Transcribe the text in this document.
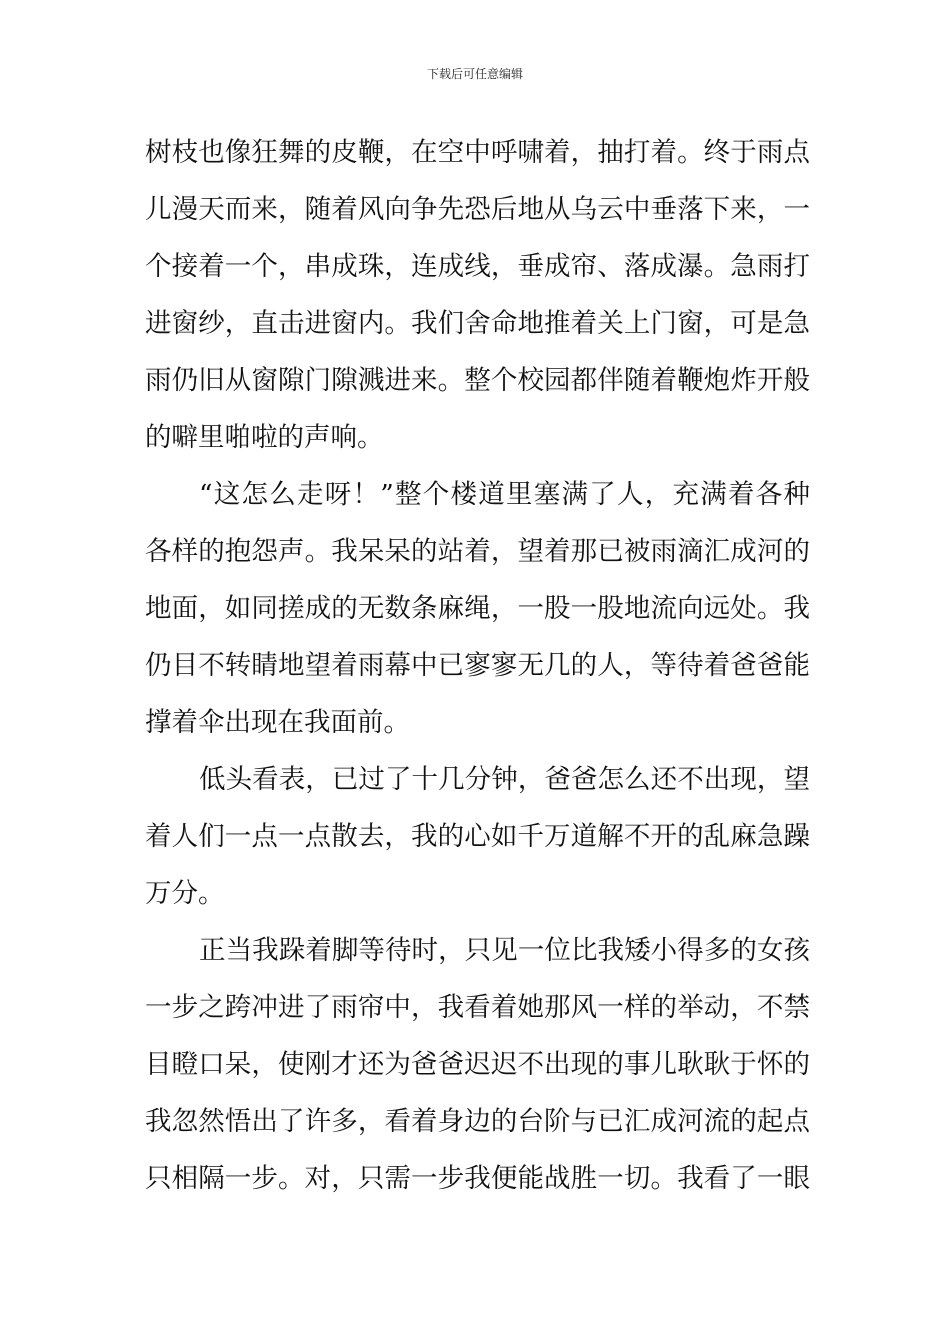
下载后可任意编辑
树枝也像狂舞的皮鞭，在空中呼啸着，抽打着。终于雨点
儿漫天而来，随着风向争先恐后地从乌云中垂落下来，一
个接着一个，串成珠，连成线，垂成帘、落成瀑。急雨打
进窗纱，直击进窗内。我们舍命地推着关上门窗，可是急
雨仍旧从窗隙门隙溅进来。整个校园都伴随着鞭炮炸开般
的噼里啪啦的声响。
“这怎么走呀！”整个楼道里塞满了人，充满着各种
各样的抱怨声。我呆呆的站着，望着那已被雨滴汇成河的
地面，如同搓成的无数条麻绳，一股一股地流向远处。我
仍目不转睛地望着雨幕中已寥寥无几的人，等待着爸爸能
撑着伞出现在我面前。
低头看表，已过了十几分钟，爸爸怎么还不出现，望
着人们一点一点散去，我的心如千万道解不开的乱麻急躁
万分。
正当我跺着脚等待时，只见一位比我矮小得多的女孩
一步之跨冲进了雨帘中，我看着她那风一样的举动，不禁
目瞪口呆，使刚才还为爸爸迟迟不出现的事儿耿耿于怀的
我忽然悟出了许多，看着身边的台阶与已汇成河流的起点
只相隔一步。对，只需一步我便能战胜一切。我看了一眼
